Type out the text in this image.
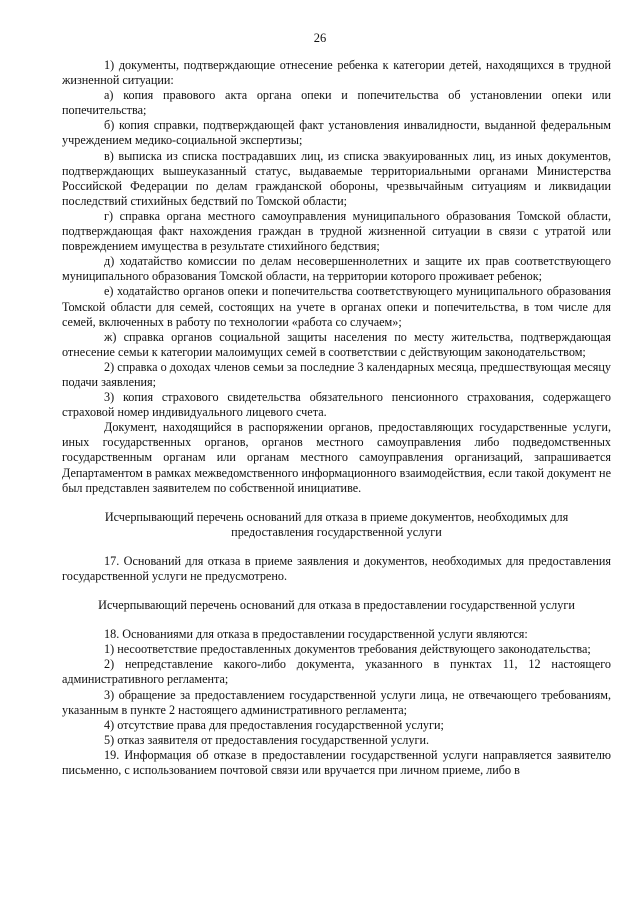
26

1) документы, подтверждающие отнесение ребенка к категории детей, находящихся в трудной жизненной ситуации:

а) копия правового акта органа опеки и попечительства об установлении опеки или попечительства;

б) копия справки, подтверждающей факт установления инвалидности, выданной федеральным учреждением медико-социальной экспертизы;

в) выписка из списка пострадавших лиц, из списка эвакуированных лиц, из иных документов, подтверждающих вышеуказанный статус, выдаваемые территориальными органами Министерства Российской Федерации по делам гражданской обороны, чрезвычайным ситуациям и ликвидации последствий стихийных бедствий по Томской области;

г) справка органа местного самоуправления муниципального образования Томской области, подтверждающая факт нахождения граждан в трудной жизненной ситуации в связи с утратой или повреждением имущества в результате стихийного бедствия;

д) ходатайство комиссии по делам несовершеннолетних и защите их прав соответствующего муниципального образования Томской области, на территории которого проживает ребенок;

е) ходатайство органов опеки и попечительства соответствующего муниципального образования Томской области для семей, состоящих на учете в органах опеки и попечительства, в том числе для семей, включенных в работу по технологии «работа со случаем»;

ж) справка органов социальной защиты населения по месту жительства, подтверждающая отнесение семьи к категории малоимущих семей в соответствии с действующим законодательством;

2) справка о доходах членов семьи за последние 3 календарных месяца, предшествующая месяцу подачи заявления;

3) копия страхового свидетельства обязательного пенсионного страхования, содержащего страховой номер индивидуального лицевого счета.

Документ, находящийся в распоряжении органов, предоставляющих государственные услуги, иных государственных органов, органов местного самоуправления либо подведомственных государственным органам или органам местного самоуправления организаций, запрашивается Департаментом в рамках межведомственного информационного взаимодействия, если такой документ не был представлен заявителем по собственной инициативе.

Исчерпывающий перечень оснований для отказа в приеме документов, необходимых для предоставления государственной услуги

17. Оснований для отказа в приеме заявления и документов, необходимых для предоставления государственной услуги не предусмотрено.

Исчерпывающий перечень оснований для отказа в предоставлении государственной услуги

18. Основаниями для отказа в предоставлении государственной услуги являются:

1) несоответствие предоставленных документов требования действующего законодательства;

2) непредставление какого-либо документа, указанного в пунктах 11, 12 настоящего административного регламента;

3) обращение за предоставлением государственной услуги лица, не отвечающего требованиям, указанным в пункте 2 настоящего административного регламента;

4) отсутствие права для предоставления государственной услуги;

5) отказ заявителя от предоставления государственной услуги.

19. Информация об отказе в предоставлении государственной услуги направляется заявителю письменно, с использованием почтовой связи или вручается при личном приеме, либо в
